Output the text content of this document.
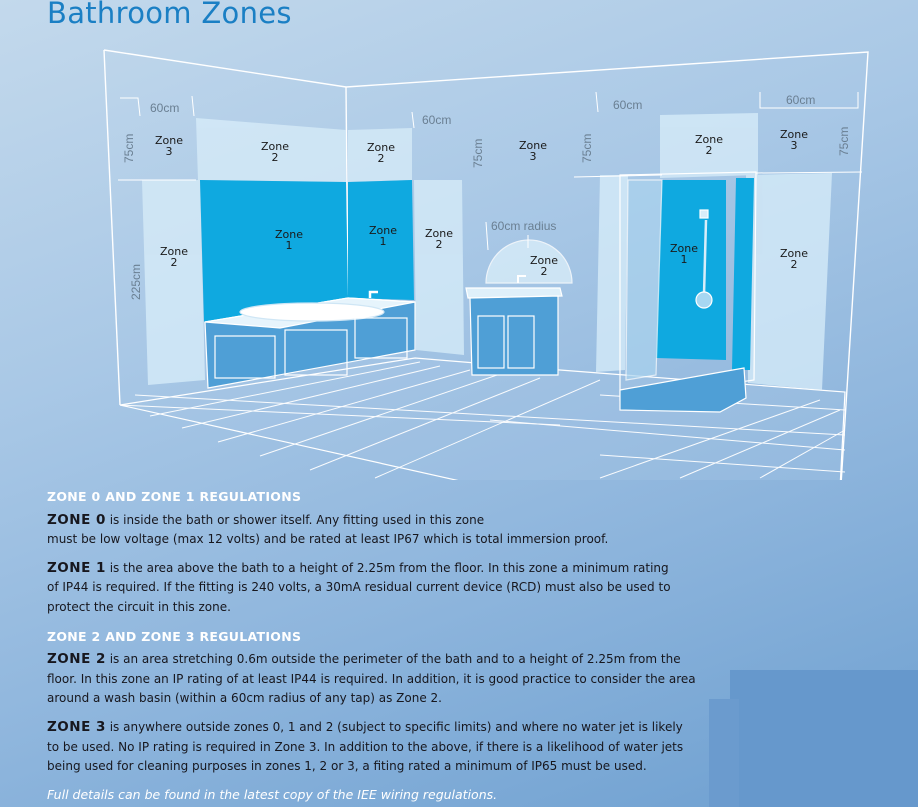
Bathroom Zones
60cm
60cm
60cm	60cm
60cm radius
75cm	75cm	75cm	75cm
225cm
Zone
3	Zone
2
Zone
2
Zone
3
Zone
2
Zone
3
Zone
2
Zone
1
Zone
1
Zone
2
Zone
2
Zone
1	Zone
2
ZONE 0 AND ZONE 1 REGULATIONS

ZONE 0 is inside the bath or shower itself. Any fitting used in this zone
must be low voltage (max 12 volts) and be rated at least IP67 which is total immersion proof.

ZONE 1 is the area above the bath to a height of 2.25m from the floor. In this zone a minimum rating
of IP44 is required. If the fitting is 240 volts, a 30mA residual current device (RCD) must also be used to
protect the circuit in this zone.

ZONE 2 AND ZONE 3 REGULATIONS

ZONE 2 is an area stretching 0.6m outside the perimeter of the bath and to a height of 2.25m from the
floor. In this zone an IP rating of at least IP44 is required. In addition, it is good practice to consider the area
around a wash basin (within a 60cm radius of any tap) as Zone 2.

ZONE 3 is anywhere outside zones 0, 1 and 2 (subject to specific limits) and where no water jet is likely
to be used. No IP rating is required in Zone 3. In addition to the above, if there is a likelihood of water jets
being used for cleaning purposes in zones 1, 2 or 3, a fiting rated a minimum of IP65 must be used.

Full details can be found in the latest copy of the IEE wiring regulations.
